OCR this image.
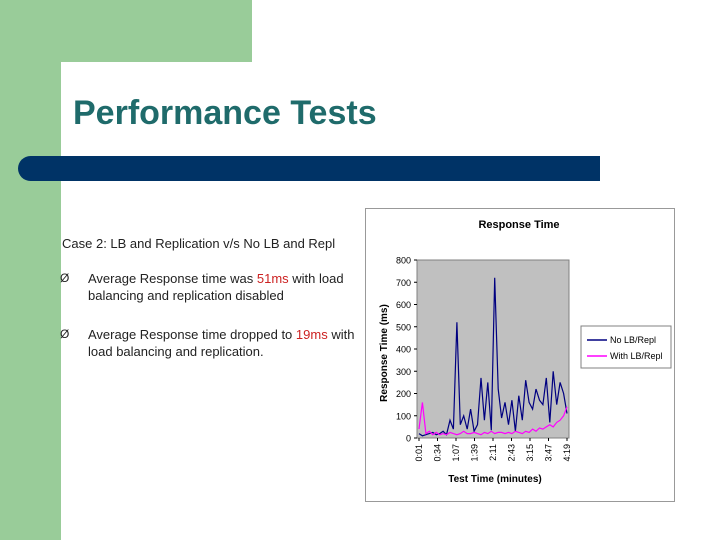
Performance Tests
Case 2: LB and Replication v/s No LB and Repl
Ø Average Response time was 51ms with load balancing and replication disabled
Ø Average Response time dropped to 19ms with load balancing and replication.
Response Time
Response Time (ms)
Test Time (minutes)
0
100
200
300
400
500
600
700
800
0:01 0:34 1:07 1:39 2:11 2:43 3:15 3:47 4:19
No LB/Repl
With LB/Repl
